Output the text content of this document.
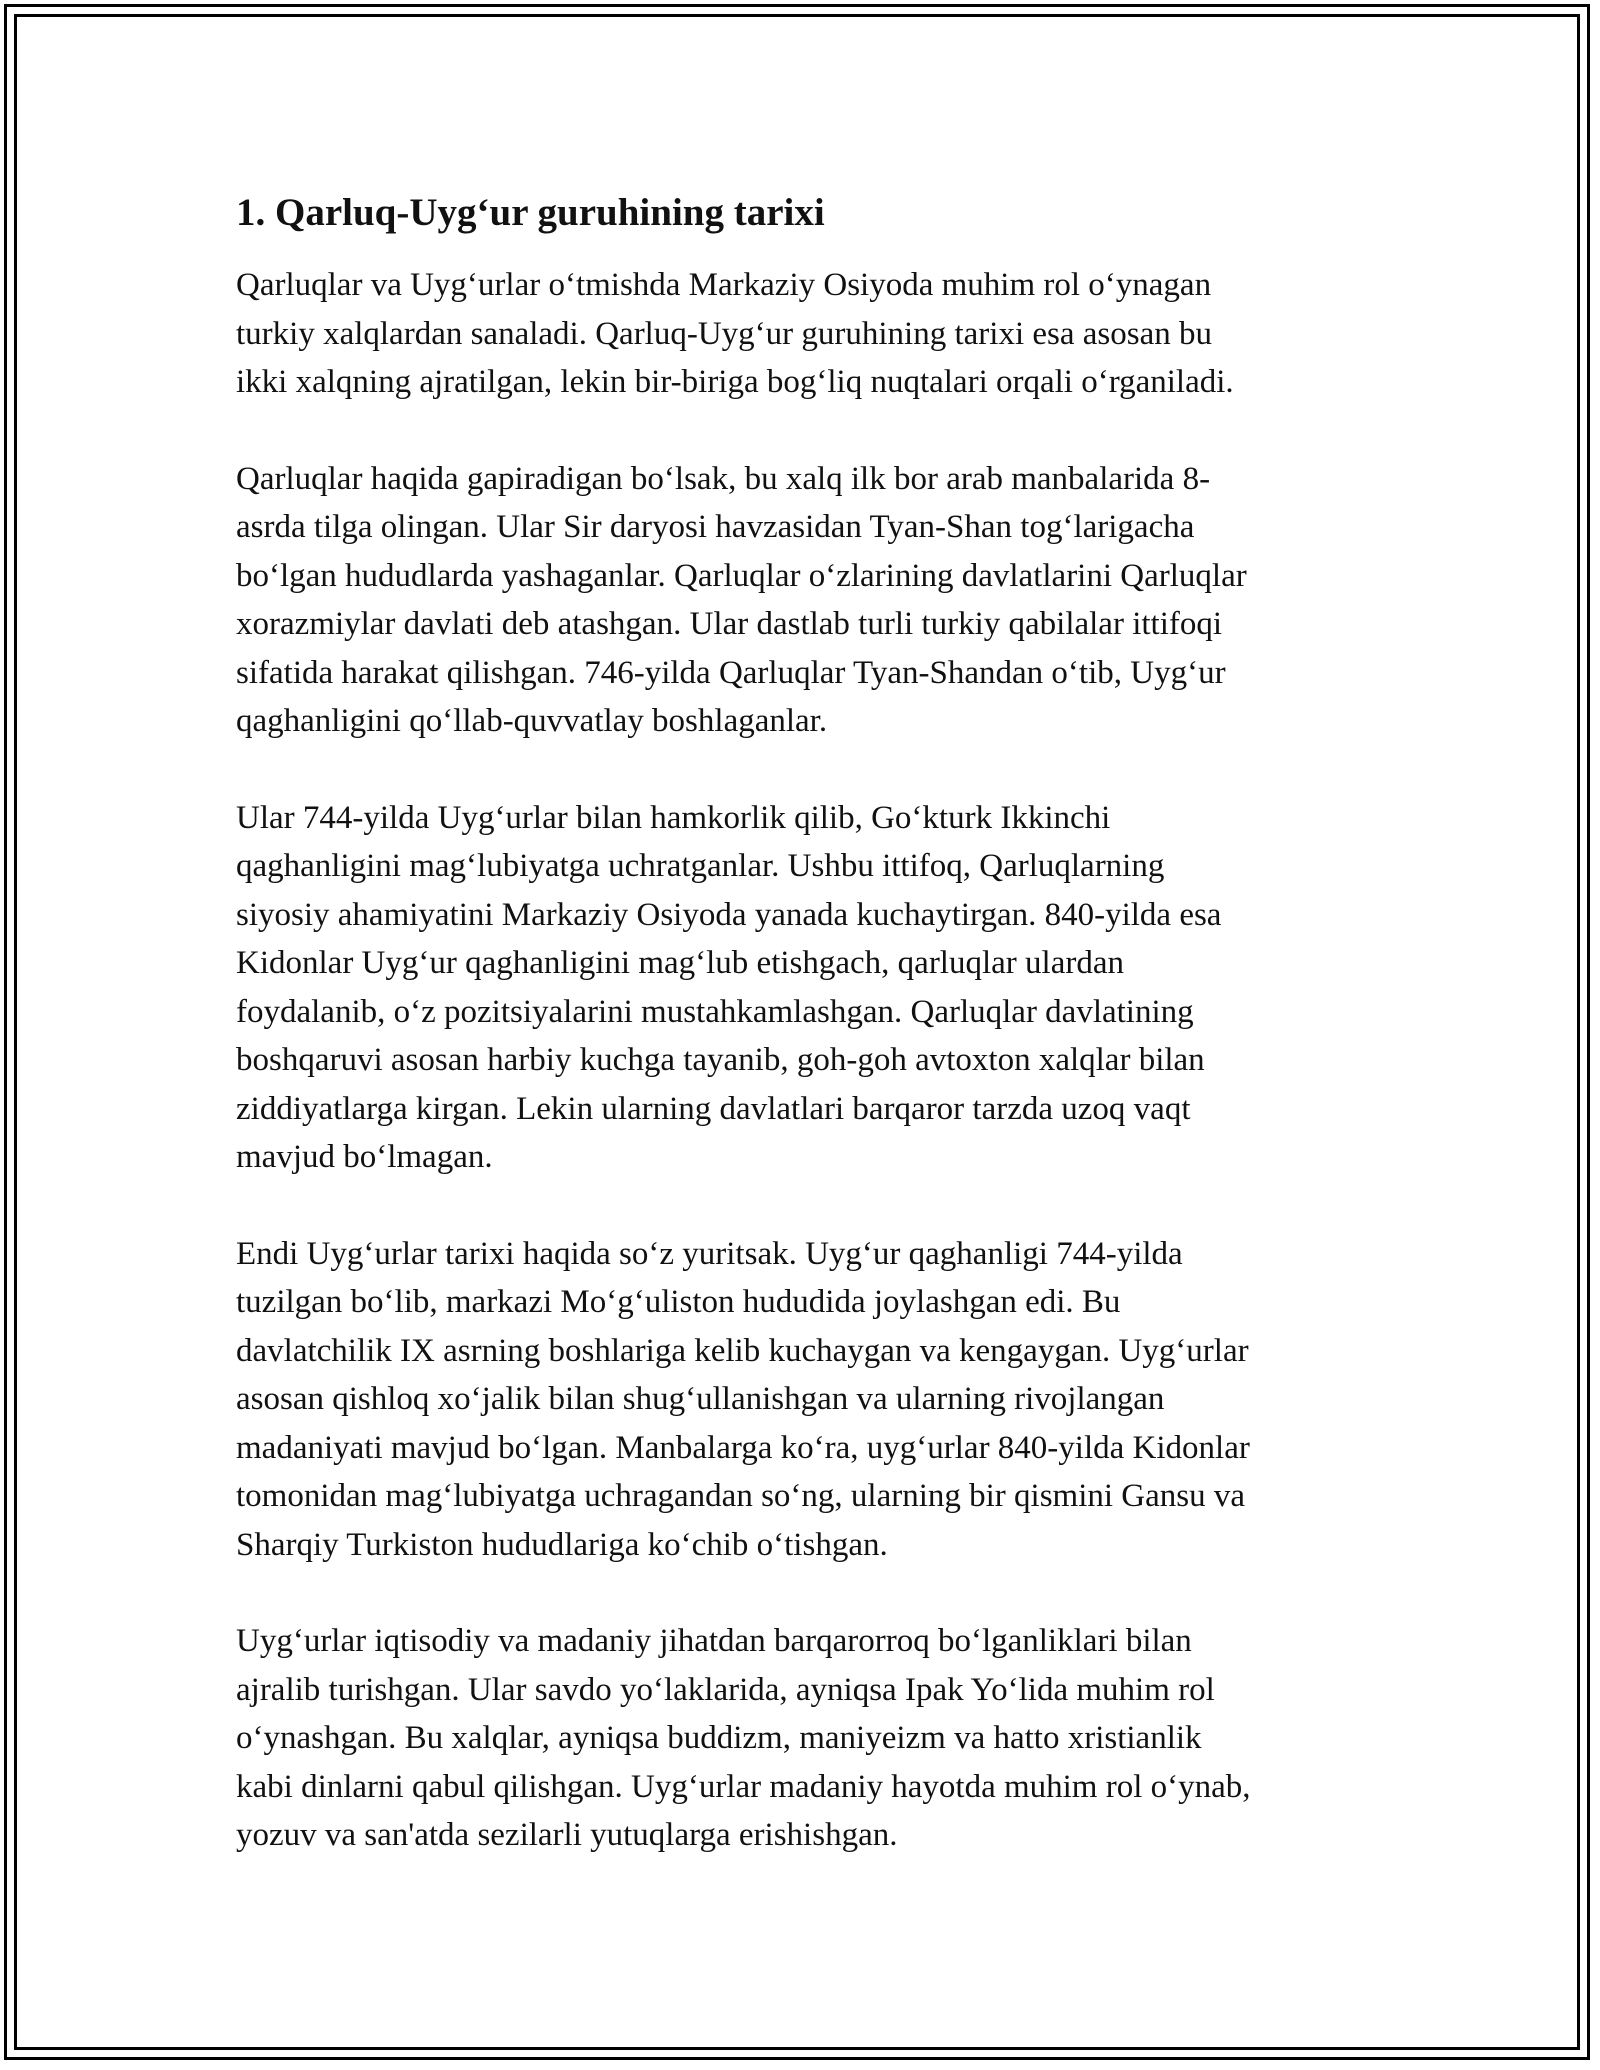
1. Qarluq-Uyg‘ur guruhining tarixi
Qarluqlar va Uyg‘urlar o‘tmishda Markaziy Osiyoda muhim rol o‘ynagan
turkiy xalqlardan sanaladi. Qarluq-Uyg‘ur guruhining tarixi esa asosan bu
ikki xalqning ajratilgan, lekin bir-biriga bog‘liq nuqtalari orqali o‘rganiladi.
Qarluqlar haqida gapiradigan bo‘lsak, bu xalq ilk bor arab manbalarida 8-
asrda tilga olingan. Ular Sir daryosi havzasidan Tyan-Shan tog‘larigacha
bo‘lgan hududlarda yashaganlar. Qarluqlar o‘zlarining davlatlarini Qarluqlar
xorazmiylar davlati deb atashgan. Ular dastlab turli turkiy qabilalar ittifoqi
sifatida harakat qilishgan. 746-yilda Qarluqlar Tyan-Shandan o‘tib, Uyg‘ur
qaghanligini qo‘llab-quvvatlay boshlaganlar.
Ular 744-yilda Uyg‘urlar bilan hamkorlik qilib, Go‘kturk Ikkinchi
qaghanligini mag‘lubiyatga uchratganlar. Ushbu ittifoq, Qarluqlarning
siyosiy ahamiyatini Markaziy Osiyoda yanada kuchaytirgan. 840-yilda esa
Kidonlar Uyg‘ur qaghanligini mag‘lub etishgach, qarluqlar ulardan
foydalanib, o‘z pozitsiyalarini mustahkamlashgan. Qarluqlar davlatining
boshqaruvi asosan harbiy kuchga tayanib, goh-goh avtoxton xalqlar bilan
ziddiyatlarga kirgan. Lekin ularning davlatlari barqaror tarzda uzoq vaqt
mavjud bo‘lmagan.
Endi Uyg‘urlar tarixi haqida so‘z yuritsak. Uyg‘ur qaghanligi 744-yilda
tuzilgan bo‘lib, markazi Mo‘g‘uliston hududida joylashgan edi. Bu
davlatchilik IX asrning boshlariga kelib kuchaygan va kengaygan. Uyg‘urlar
asosan qishloq xo‘jalik bilan shug‘ullanishgan va ularning rivojlangan
madaniyati mavjud bo‘lgan. Manbalarga ko‘ra, uyg‘urlar 840-yilda Kidonlar
tomonidan mag‘lubiyatga uchragandan so‘ng, ularning bir qismini Gansu va
Sharqiy Turkiston hududlariga ko‘chib o‘tishgan.
Uyg‘urlar iqtisodiy va madaniy jihatdan barqarorroq bo‘lganliklari bilan
ajralib turishgan. Ular savdo yo‘laklarida, ayniqsa Ipak Yo‘lida muhim rol
o‘ynashgan. Bu xalqlar, ayniqsa buddizm, maniyeizm va hatto xristianlik
kabi dinlarni qabul qilishgan. Uyg‘urlar madaniy hayotda muhim rol o‘ynab,
yozuv va san'atda sezilarli yutuqlarga erishishgan.
